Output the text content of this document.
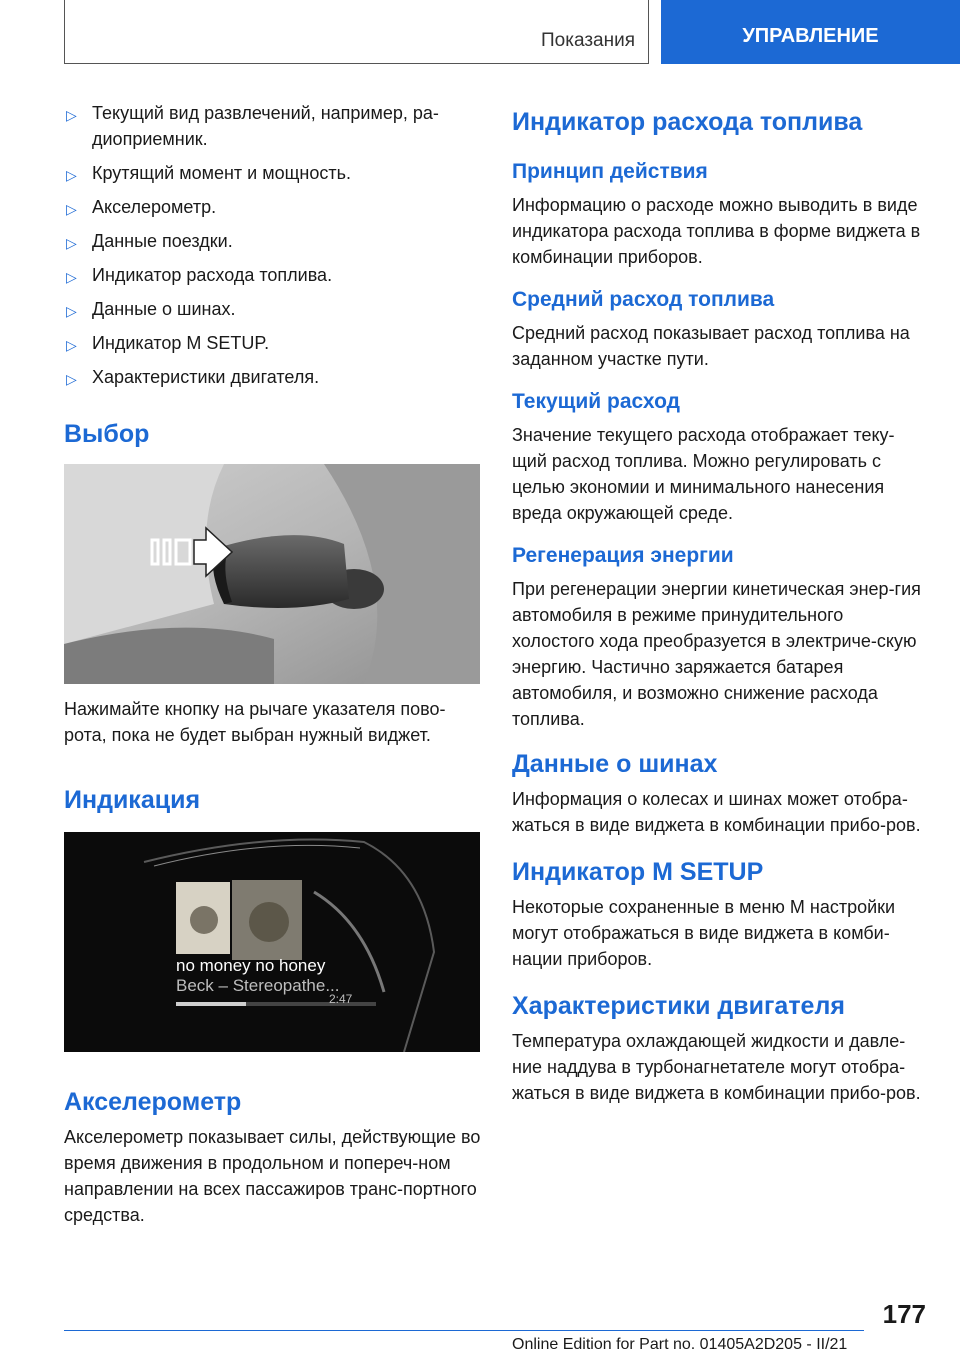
Показания	УПРАВЛЕНИЕ
▷ Текущий вид развлечений, например, ра-диоприемник.
▷ Крутящий момент и мощность.
▷ Акселерометр.
▷ Данные поездки.
▷ Индикатор расхода топлива.
▷ Данные о шинах.
▷ Индикатор M SETUP.
▷ Характеристики двигателя.
Выбор

Нажимайте кнопку на рычаге указателя пово-рота, пока не будет выбран нужный виджет.

Индикация
no money no honey
Beck – Stereopathe...
2:47
Акселерометр

Акселерометр показывает силы, действующие во время движения в продольном и попереч-ном направлении на всех пассажиров транс-портного средства.

Индикатор расхода топлива
Принцип действия

Информацию о расходе можно выводить в виде индикатора расхода топлива в форме виджета в комбинации приборов.

Средний расход топлива

Средний расход показывает расход топлива на заданном участке пути.

Текущий расход

Значение текущего расхода отображает теку-щий расход топлива. Можно регулировать с целью экономии и минимального нанесения вреда окружающей среде.

Регенерация энергии

При регенерации энергии кинетическая энер-гия автомобиля в режиме принудительного холостого хода преобразуется в электриче-скую энергию. Частично заряжается батарея автомобиля, и возможно снижение расхода топлива.

Данные о шинах

Информация о колесах и шинах может отобра-жаться в виде виджета в комбинации прибо-ров.

Индикатор M SETUP

Некоторые сохраненные в меню M настройки могут отображаться в виде виджета в комби-нации приборов.

Характеристики двигателя

Температура охлаждающей жидкости и давле-ние наддува в турбонагнетателе могут отобра-жаться в виде виджета в комбинации прибо-ров.

177
Online Edition for Part no. 01405A2D205 - II/21
